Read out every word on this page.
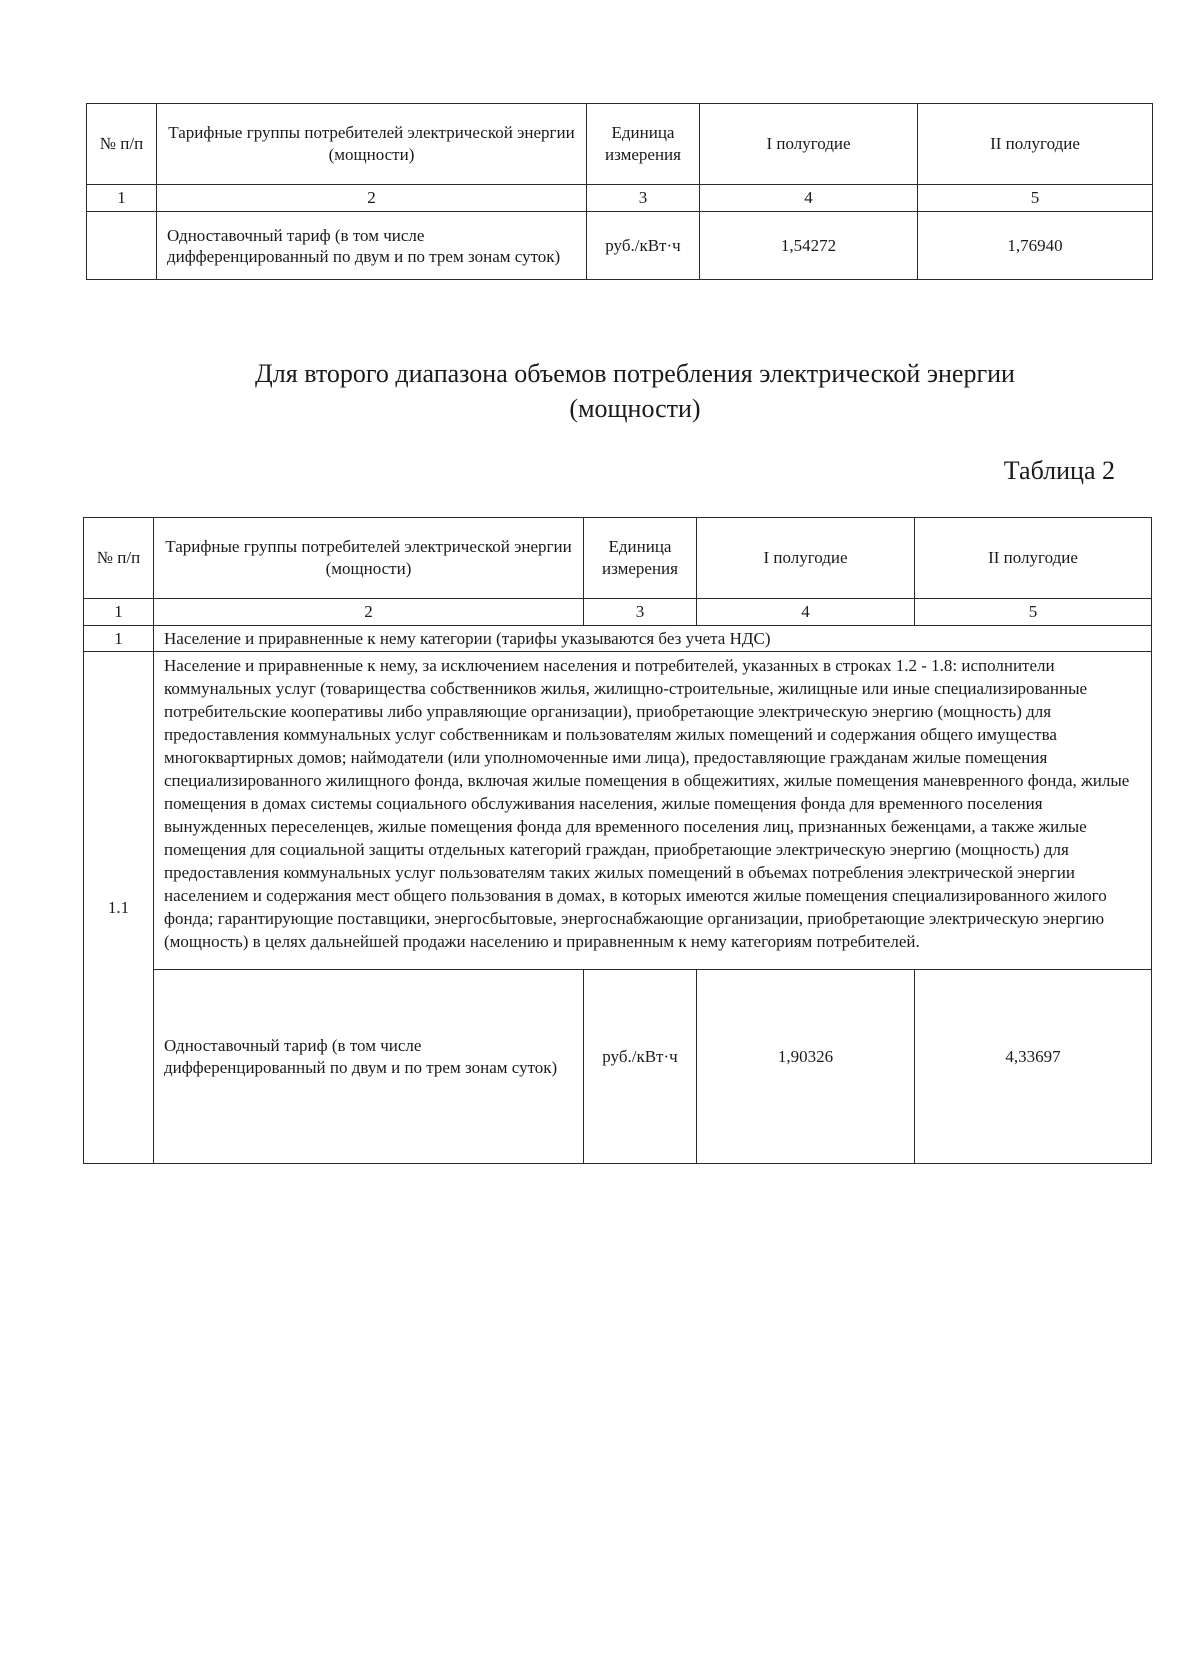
№ п/п	Тарифные группы потребителей электрической энергии (мощности)	Единица измерения	I полугодие	II полугодие
1	2	3	4	5
	Одноставочный тариф (в том числе дифференцированный по двум и по трем зонам суток)	руб./кВт·ч	1,54272	1,76940
Для второго диапазона объемов потребления электрической энергии (мощности)
Таблица 2
№ п/п	Тарифные группы потребителей электрической энергии (мощности)	Единица измерения	I полугодие	II полугодие
1	2	3	4	5
1	Население и приравненные к нему категории (тарифы указываются без учета НДС)			
1.1	Население и приравненные к нему, за исключением населения и потребителей, указанных в строках 1.2 - 1.8: исполнители коммунальных услуг (товарищества собственников жилья, жилищно-строительные, жилищные или иные специализированные потребительские кооперативы либо управляющие организации), приобретающие электрическую энергию (мощность) для предоставления коммунальных услуг собственникам и пользователям жилых помещений и содержания общего имущества многоквартирных домов; наймодатели (или уполномоченные ими лица), предоставляющие гражданам жилые помещения специализированного жилищного фонда, включая жилые помещения в общежитиях, жилые помещения маневренного фонда, жилые помещения в домах системы социального обслуживания населения, жилые помещения фонда для временного поселения вынужденных переселенцев, жилые помещения фонда для временного поселения лиц, признанных беженцами, а также жилые помещения для социальной защиты отдельных категорий граждан, приобретающие электрическую энергию (мощность) для предоставления коммунальных услуг пользователям таких жилых помещений в объемах потребления электрической энергии населением и содержания мест общего пользования в домах, в которых имеются жилые помещения специализированного жилого фонда; гарантирующие поставщики, энергосбытовые, энергоснабжающие организации, приобретающие электрическую энергию (мощность) в целях дальнейшей продажи населению и приравненным к нему категориям потребителей.			
	Одноставочный тариф (в том числе дифференцированный по двум и по трем зонам суток)	руб./кВт·ч	1,90326	4,33697
